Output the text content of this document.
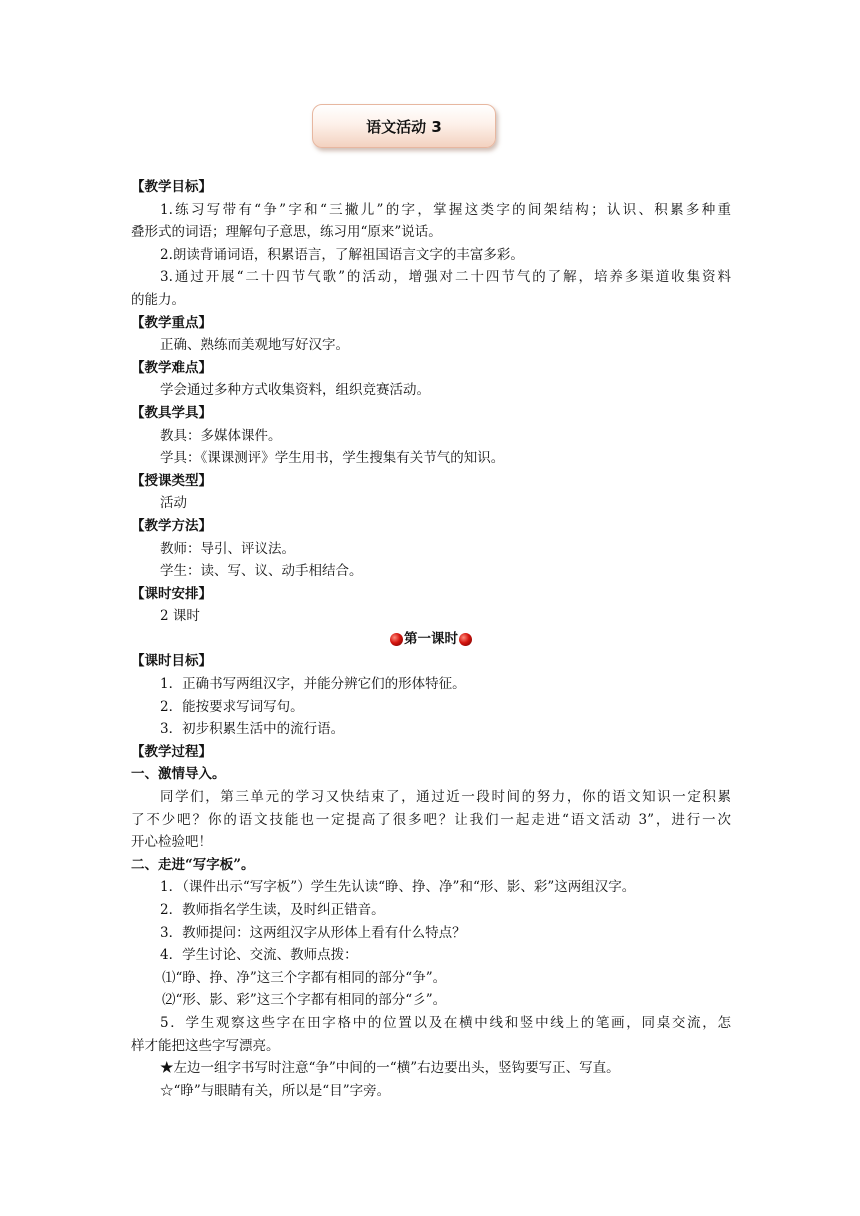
语文活动 3
【教学目标】
1.练习写带有“争”字和“三撇儿”的字，掌握这类字的间架结构；认识、积累多种重
叠形式的词语；理解句子意思，练习用“原来”说话。
2.朗读背诵词语，积累语言，了解祖国语言文字的丰富多彩。
3.通过开展“二十四节气歌”的活动，增强对二十四节气的了解，培养多渠道收集资料
的能力。
【教学重点】
正确、熟练而美观地写好汉字。
【教学难点】
学会通过多种方式收集资料，组织竞赛活动。
【教具学具】
教具：多媒体课件。
学具：《课课测评》学生用书，学生搜集有关节气的知识。
【授课类型】
活动
【教学方法】
教师：导引、评议法。
学生：读、写、议、动手相结合。
【课时安排】
2 课时
第一课时
【课时目标】
1．正确书写两组汉字，并能分辨它们的形体特征。
2．能按要求写词写句。
3．初步积累生活中的流行语。
【教学过程】
一、激情导入。
同学们，第三单元的学习又快结束了，通过近一段时间的努力，你的语文知识一定积累
了不少吧？你的语文技能也一定提高了很多吧？让我们一起走进“语文活动 3”，进行一次
开心检验吧！
二、走进“写字板”。
1．（课件出示“写字板”）学生先认读“睁、挣、净”和“形、影、彩”这两组汉字。
2．教师指名学生读，及时纠正错音。
3．教师提问：这两组汉字从形体上看有什么特点？
4．学生讨论、交流、教师点拨：
⑴“睁、挣、净”这三个字都有相同的部分“争”。
⑵“形、影、彩”这三个字都有相同的部分“彡”。
5．学生观察这些字在田字格中的位置以及在横中线和竖中线上的笔画，同桌交流，怎
样才能把这些字写漂亮。
★左边一组字书写时注意“争”中间的一“横”右边要出头，竖钩要写正、写直。
☆“睁”与眼睛有关，所以是“目”字旁。
